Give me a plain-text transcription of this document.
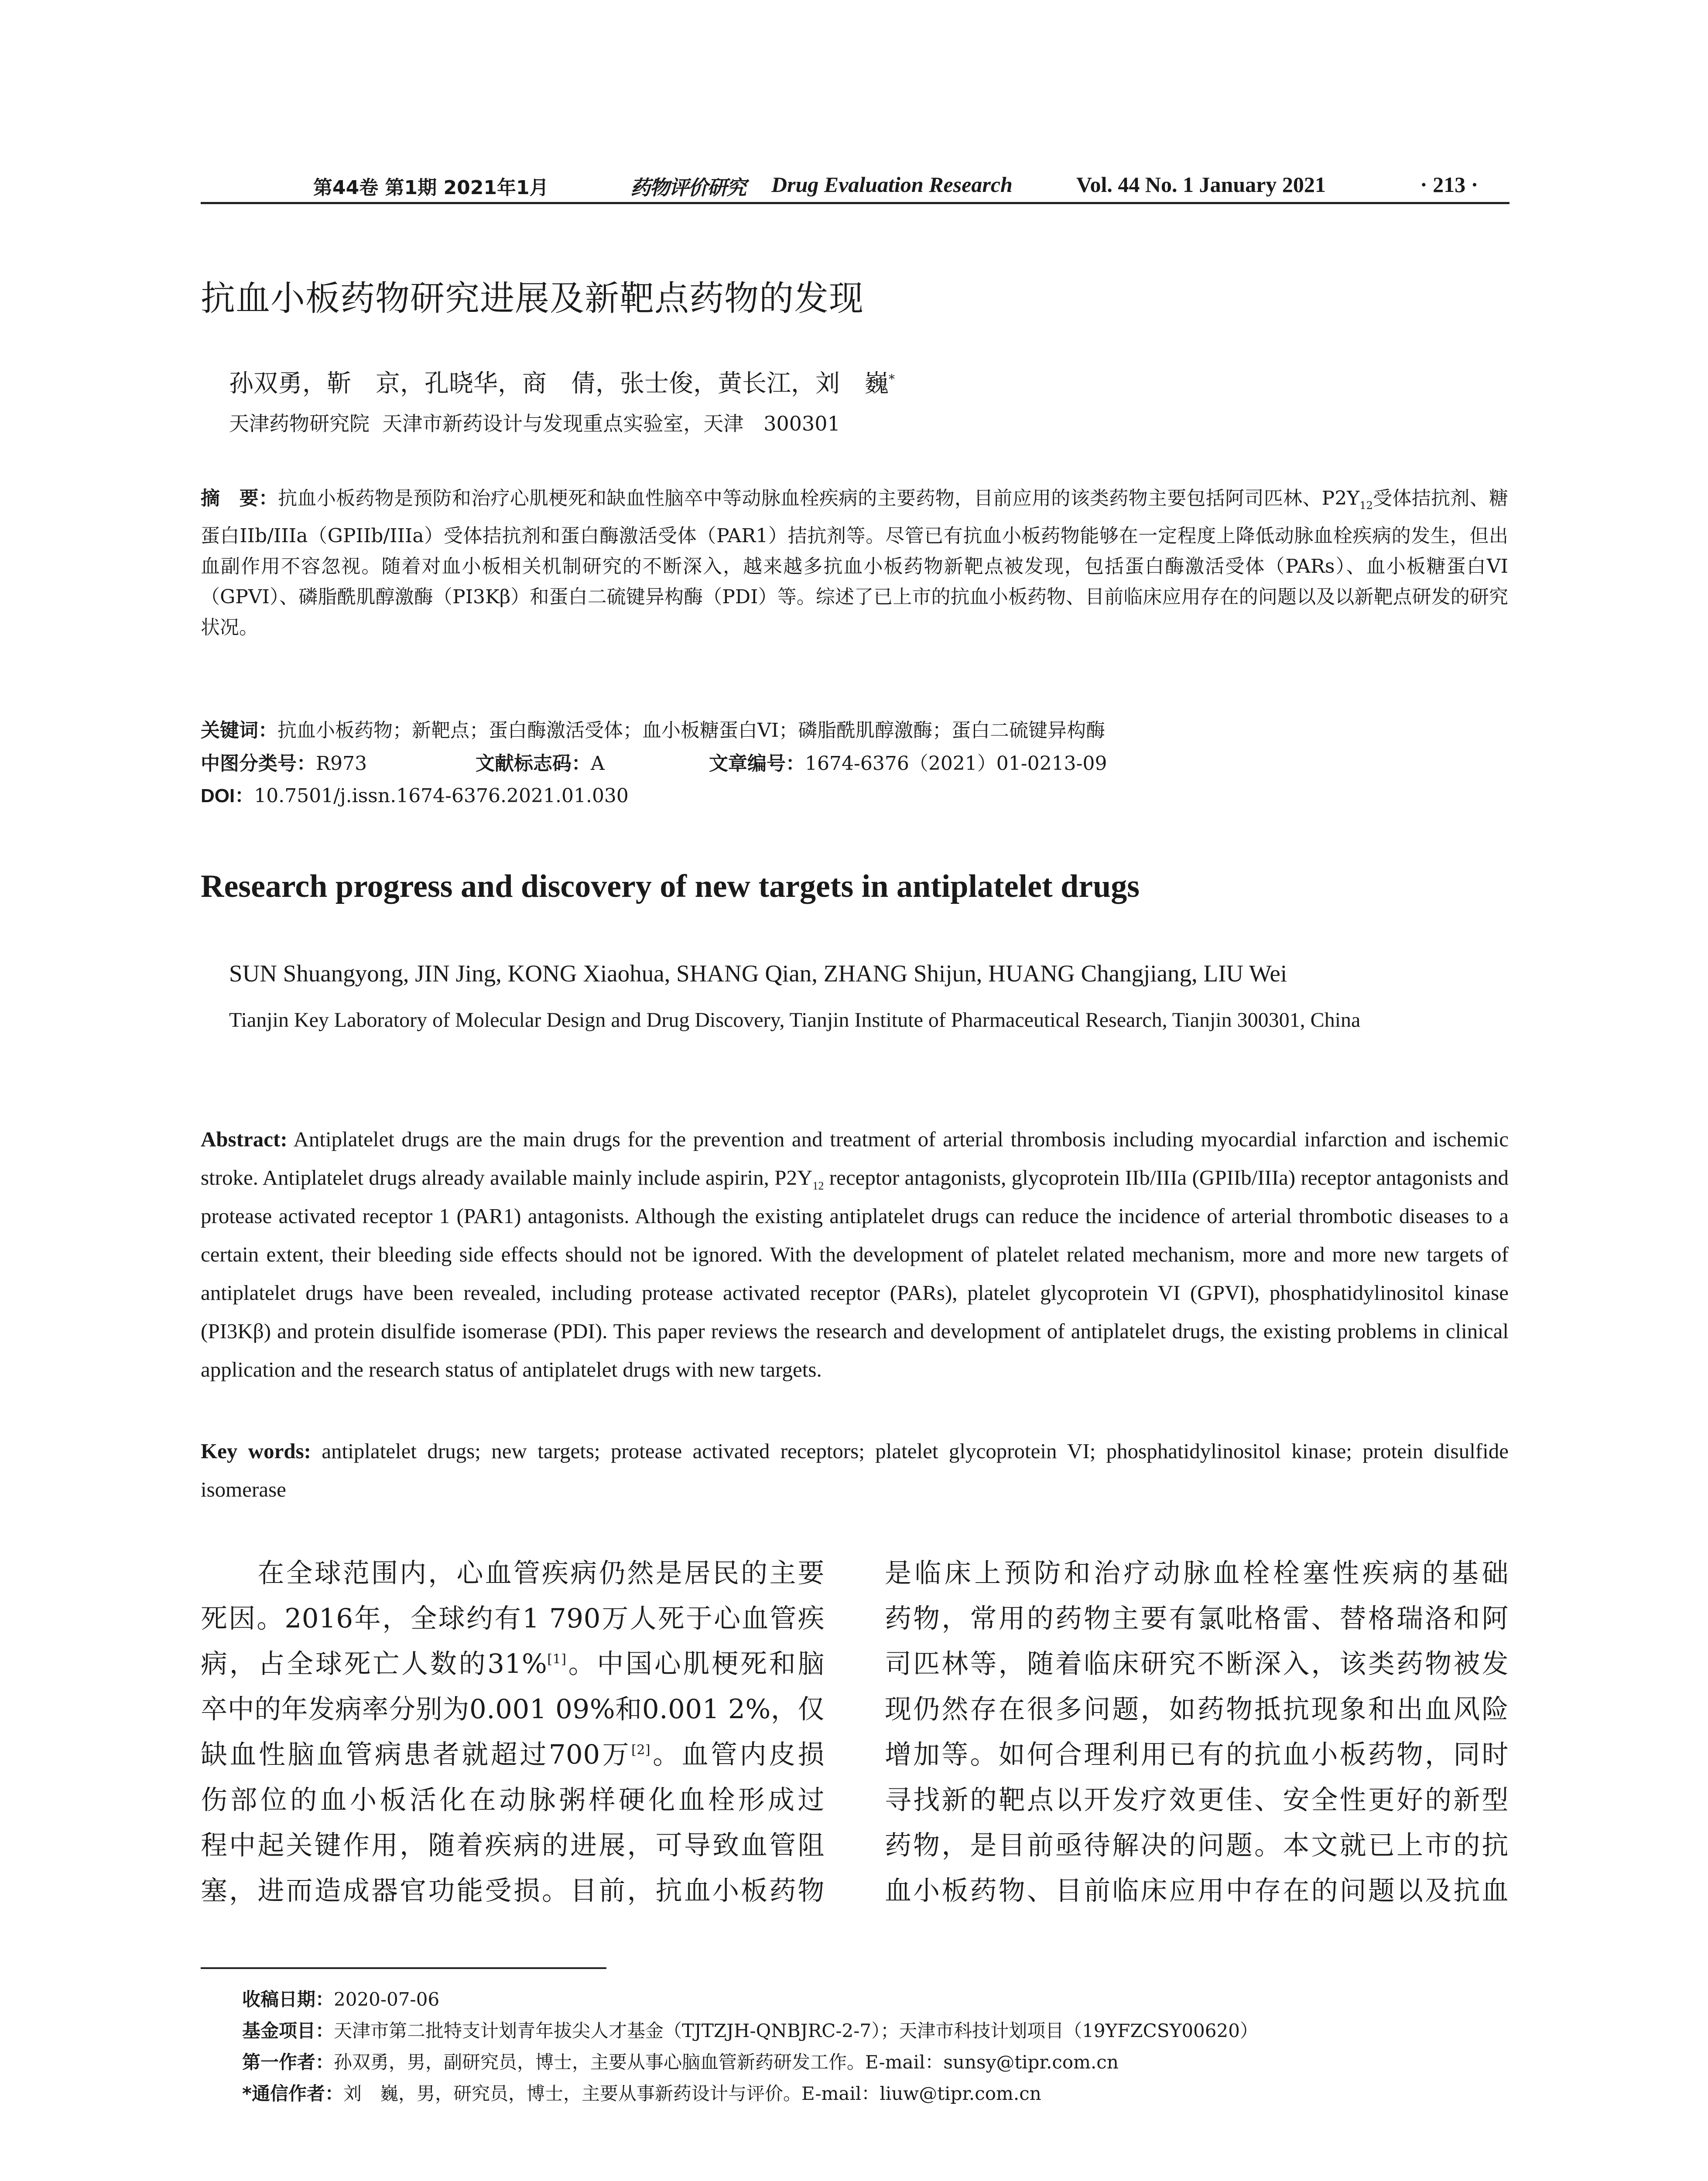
第44卷 第1期 2021年1月	药物评价研究 Drug Evaluation Research	Vol. 44 No. 1 January 2021	· 213 ·
抗血小板药物研究进展及新靶点药物的发现
孙双勇，靳　京，孔晓华，商　倩，张士俊，黄长江，刘　巍*
天津药物研究院  天津市新药设计与发现重点实验室，天津　300301

摘　要：抗血小板药物是预防和治疗心肌梗死和缺血性脑卒中等动脉血栓疾病的主要药物，目前应用的该类药物主要包括阿司匹林、$P2Y_{12}$受体拮抗剂、糖蛋白IIb/IIIa（GPIIb/IIIa）受体拮抗剂和蛋白酶激活受体（PAR1）拮抗剂等。尽管已有抗血小板药物能够在一定程度上降低动脉血栓疾病的发生，但出血副作用不容忽视。随着对血小板相关机制研究的不断深入，越来越多抗血小板药物新靶点被发现，包括蛋白酶激活受体（PARs）、血小板糖蛋白VI（GPVI）、磷脂酰肌醇激酶（PI3Kβ）和蛋白二硫键异构酶（PDI）等。综述了已上市的抗血小板药物、目前临床应用存在的问题以及以新靶点研发的研究状况。

关键词：抗血小板药物；新靶点；蛋白酶激活受体；血小板糖蛋白VI；磷脂酰肌醇激酶；蛋白二硫键异构酶

中图分类号：R973	文献标志码：A	文章编号：1674-6376（2021）01-0213-09
DOI：10.7501/j.issn.1674-6376.2021.01.030
Research progress and discovery of new targets in antiplatelet drugs
SUN Shuangyong, JIN Jing, KONG Xiaohua, SHANG Qian, ZHANG Shijun, HUANG Changjiang, LIU Wei
Tianjin Key Laboratory of Molecular Design and Drug Discovery, Tianjin Institute of Pharmaceutical Research, Tianjin 300301, China

Abstract: Antiplatelet drugs are the main drugs for the prevention and treatment of arterial thrombosis including myocardial infarction and ischemic stroke. Antiplatelet drugs already available mainly include aspirin, $P2Y_{12}$ receptor antagonists, glycoprotein IIb/IIIa (GPIIb/IIIa) receptor antagonists and protease activated receptor 1 (PAR1) antagonists. Although the existing antiplatelet drugs can reduce the incidence of arterial thrombotic diseases to a certain extent, their bleeding side effects should not be ignored. With the development of platelet related mechanism, more and more new targets of antiplatelet drugs have been revealed, including protease activated receptor (PARs), platelet glycoprotein VI (GPVI), phosphatidylinositol kinase (PI3Kβ) and protein disulfide isomerase (PDI). This paper reviews the research and development of antiplatelet drugs, the existing problems in clinical application and the research status of antiplatelet drugs with new targets.

Key words: antiplatelet drugs; new targets; protease activated receptors; platelet glycoprotein VI; phosphatidylinositol kinase; protein disulfide isomerase

　　在全球范围内，心血管疾病仍然是居民的主要
死因。2016年，全球约有1 790万人死于心血管疾
病，占全球死亡人数的31%[1]。中国心肌梗死和脑
卒中的年发病率分别为0.001 09%和0.001 2%，仅
缺血性脑血管病患者就超过700万[2]。血管内皮损
伤部位的血小板活化在动脉粥样硬化血栓形成过
程中起关键作用，随着疾病的进展，可导致血管阻
塞，进而造成器官功能受损。目前，抗血小板药物
是临床上预防和治疗动脉血栓栓塞性疾病的基础
药物，常用的药物主要有氯吡格雷、替格瑞洛和阿
司匹林等，随着临床研究不断深入，该类药物被发
现仍然存在很多问题，如药物抵抗现象和出血风险
增加等。如何合理利用已有的抗血小板药物，同时
寻找新的靶点以开发疗效更佳、安全性更好的新型
药物，是目前亟待解决的问题。本文就已上市的抗
血小板药物、目前临床应用中存在的问题以及抗血
收稿日期：2020-07-06
基金项目：天津市第二批特支计划青年拔尖人才基金（TJTZJH-QNBJRC-2-7）；天津市科技计划项目（19YFZCSY00620）
第一作者：孙双勇，男，副研究员，博士，主要从事心脑血管新药研发工作。E-mail：sunsy@tipr.com.cn
*通信作者：刘　巍，男，研究员，博士，主要从事新药设计与评价。E-mail：liuw@tipr.com.cn
